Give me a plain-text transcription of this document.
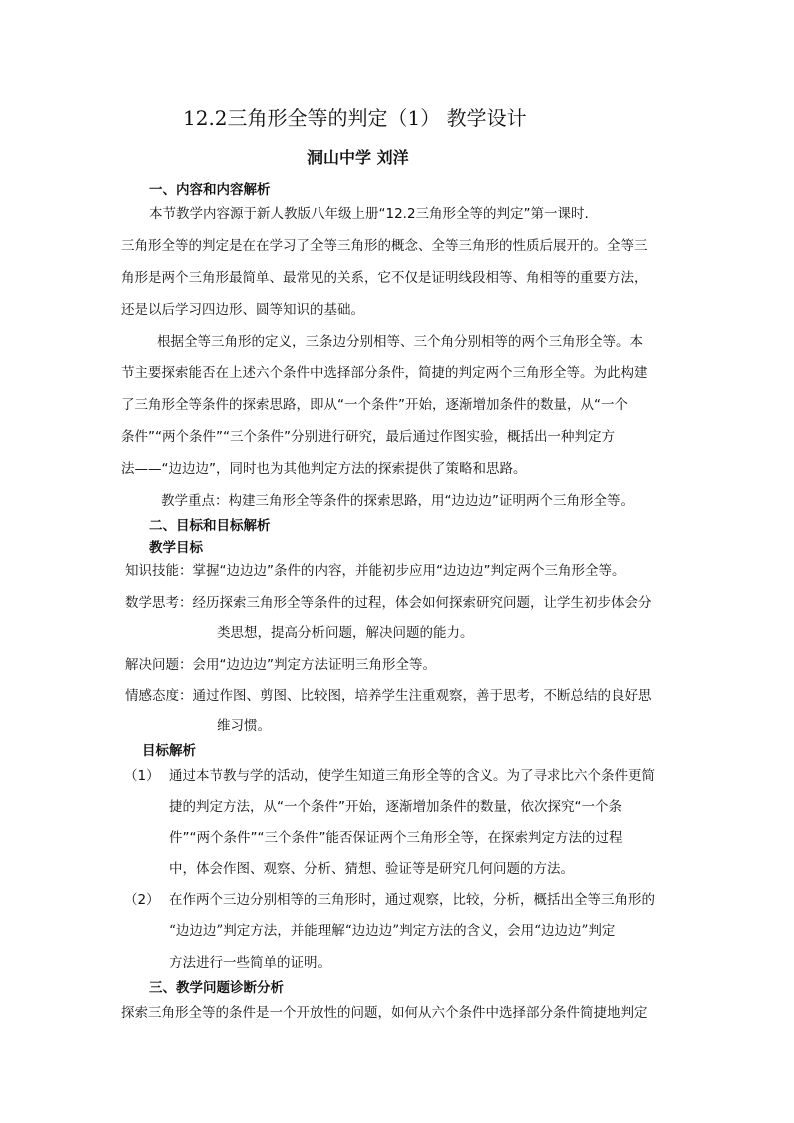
12.2三角形全等的判定（1） 教学设计
洞山中学 刘洋
一、内容和内容解析
本节教学内容源于新人教版八年级上册“12.2三角形全等的判定”第一课时.
三角形全等的判定是在在学习了全等三角形的概念、全等三角形的性质后展开的。全等三
角形是两个三角形最简单、最常见的关系，它不仅是证明线段相等、角相等的重要方法，
还是以后学习四边形、圆等知识的基础。
根据全等三角形的定义，三条边分别相等、三个角分别相等的两个三角形全等。本
节主要探索能否在上述六个条件中选择部分条件，简捷的判定两个三角形全等。为此构建
了三角形全等条件的探索思路，即从“一个条件”开始，逐渐增加条件的数量，从“一个
条件”“两个条件”“三个条件”分别进行研究，最后通过作图实验，概括出一种判定方
法——“边边边”，同时也为其他判定方法的探索提供了策略和思路。
教学重点：构建三角形全等条件的探索思路，用“边边边”证明两个三角形全等。
二、目标和目标解析
教学目标
知识技能：掌握“边边边”条件的内容，并能初步应用“边边边”判定两个三角形全等。
数学思考：经历探索三角形全等条件的过程，体会如何探索研究问题，让学生初步体会分
类思想，提高分析问题，解决问题的能力。
解决问题：会用“边边边”判定方法证明三角形全等。
情感态度：通过作图、剪图、比较图，培养学生注重观察，善于思考，不断总结的良好思
维习惯。
目标解析
（1） 通过本节教与学的活动，使学生知道三角形全等的含义。为了寻求比六个条件更简
捷的判定方法，从“一个条件”开始，逐渐增加条件的数量，依次探究“一个条
件”“两个条件”“三个条件”能否保证两个三角形全等，在探索判定方法的过程
中，体会作图、观察、分析、猜想、验证等是研究几何问题的方法。
（2） 在作两个三边分别相等的三角形时，通过观察，比较，分析，概括出全等三角形的
“边边边”判定方法，并能理解“边边边”判定方法的含义，会用“边边边”判定
方法进行一些简单的证明。
三、教学问题诊断分析
探索三角形全等的条件是一个开放性的问题，如何从六个条件中选择部分条件简捷地判定
